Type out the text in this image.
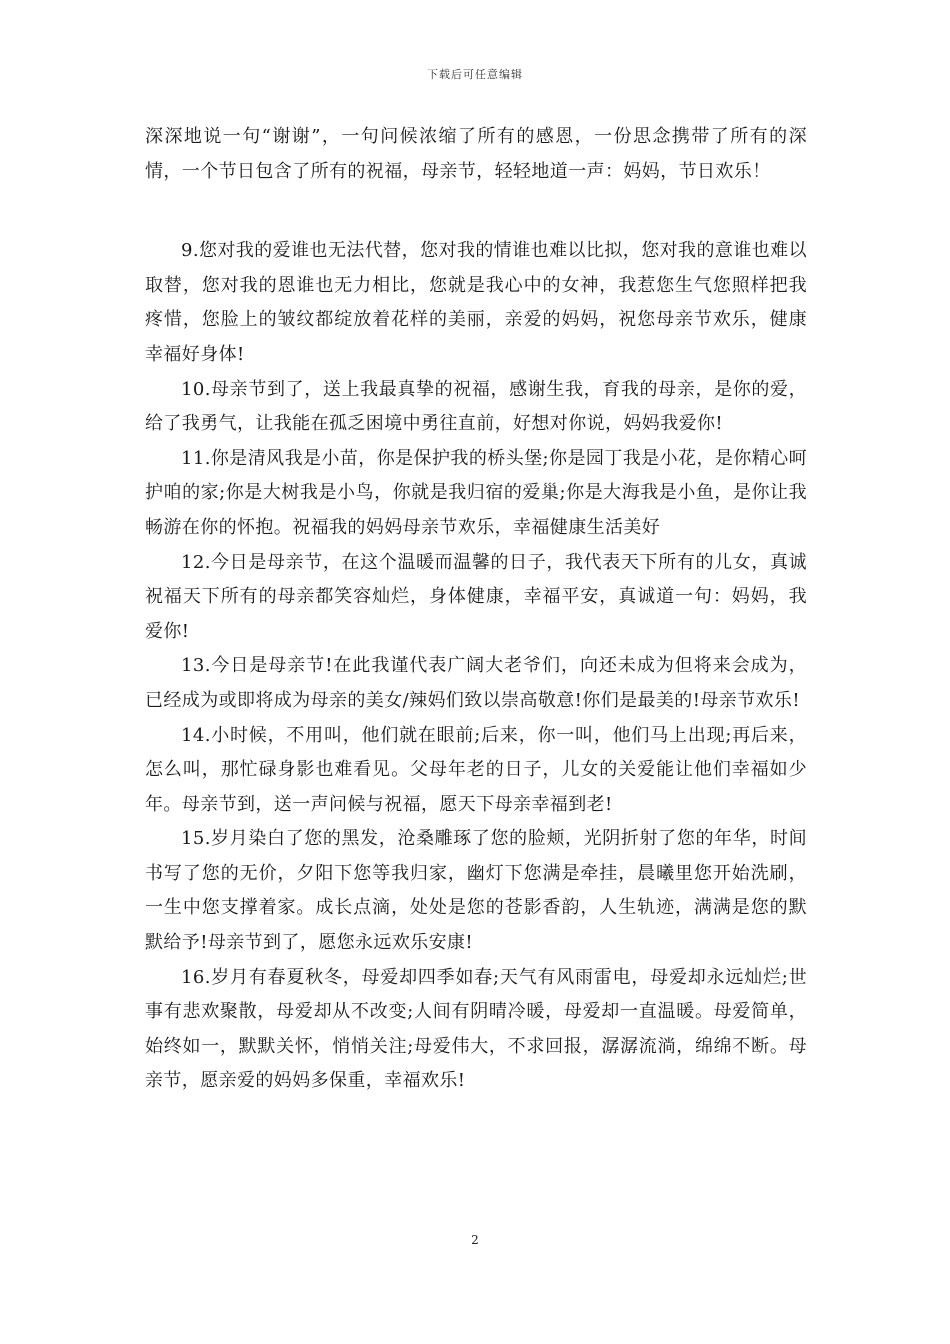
下载后可任意编辑

深深地说一句“谢谢”，一句问候浓缩了所有的感恩，一份思念携带了所有的深情，一个节日包含了所有的祝福，母亲节，轻轻地道一声：妈妈，节日欢乐！

9.您对我的爱谁也无法代替，您对我的情谁也难以比拟，您对我的意谁也难以取替，您对我的恩谁也无力相比，您就是我心中的女神，我惹您生气您照样把我疼惜，您脸上的皱纹都绽放着花样的美丽，亲爱的妈妈，祝您母亲节欢乐，健康幸福好身体!

10.母亲节到了，送上我最真挚的祝福，感谢生我，育我的母亲，是你的爱，给了我勇气，让我能在孤乏困境中勇往直前，好想对你说，妈妈我爱你!

11.你是清风我是小苗，你是保护我的桥头堡;你是园丁我是小花，是你精心呵护咱的家;你是大树我是小鸟，你就是我归宿的爱巢;你是大海我是小鱼，是你让我畅游在你的怀抱。祝福我的妈妈母亲节欢乐，幸福健康生活美好

12.今日是母亲节，在这个温暖而温馨的日子，我代表天下所有的儿女，真诚祝福天下所有的母亲都笑容灿烂，身体健康，幸福平安，真诚道一句：妈妈，我爱你!

13.今日是母亲节!在此我谨代表广阔大老爷们，向还未成为但将来会成为，已经成为或即将成为母亲的美女/辣妈们致以崇高敬意!你们是最美的!母亲节欢乐!

14.小时候，不用叫，他们就在眼前;后来，你一叫，他们马上出现;再后来，怎么叫，那忙碌身影也难看见。父母年老的日子，儿女的关爱能让他们幸福如少年。母亲节到，送一声问候与祝福，愿天下母亲幸福到老!

15.岁月染白了您的黑发，沧桑雕琢了您的脸颊，光阴折射了您的年华，时间书写了您的无价，夕阳下您等我归家，幽灯下您满是牵挂，晨曦里您开始洗刷，一生中您支撑着家。成长点滴，处处是您的苍影香韵，人生轨迹，满满是您的默默给予!母亲节到了，愿您永远欢乐安康!

16.岁月有春夏秋冬，母爱却四季如春;天气有风雨雷电，母爱却永远灿烂;世事有悲欢聚散，母爱却从不改变;人间有阴晴冷暖，母爱却一直温暖。母爱简单，始终如一，默默关怀，悄悄关注;母爱伟大，不求回报，潺潺流淌，绵绵不断。母亲节，愿亲爱的妈妈多保重，幸福欢乐!

2
